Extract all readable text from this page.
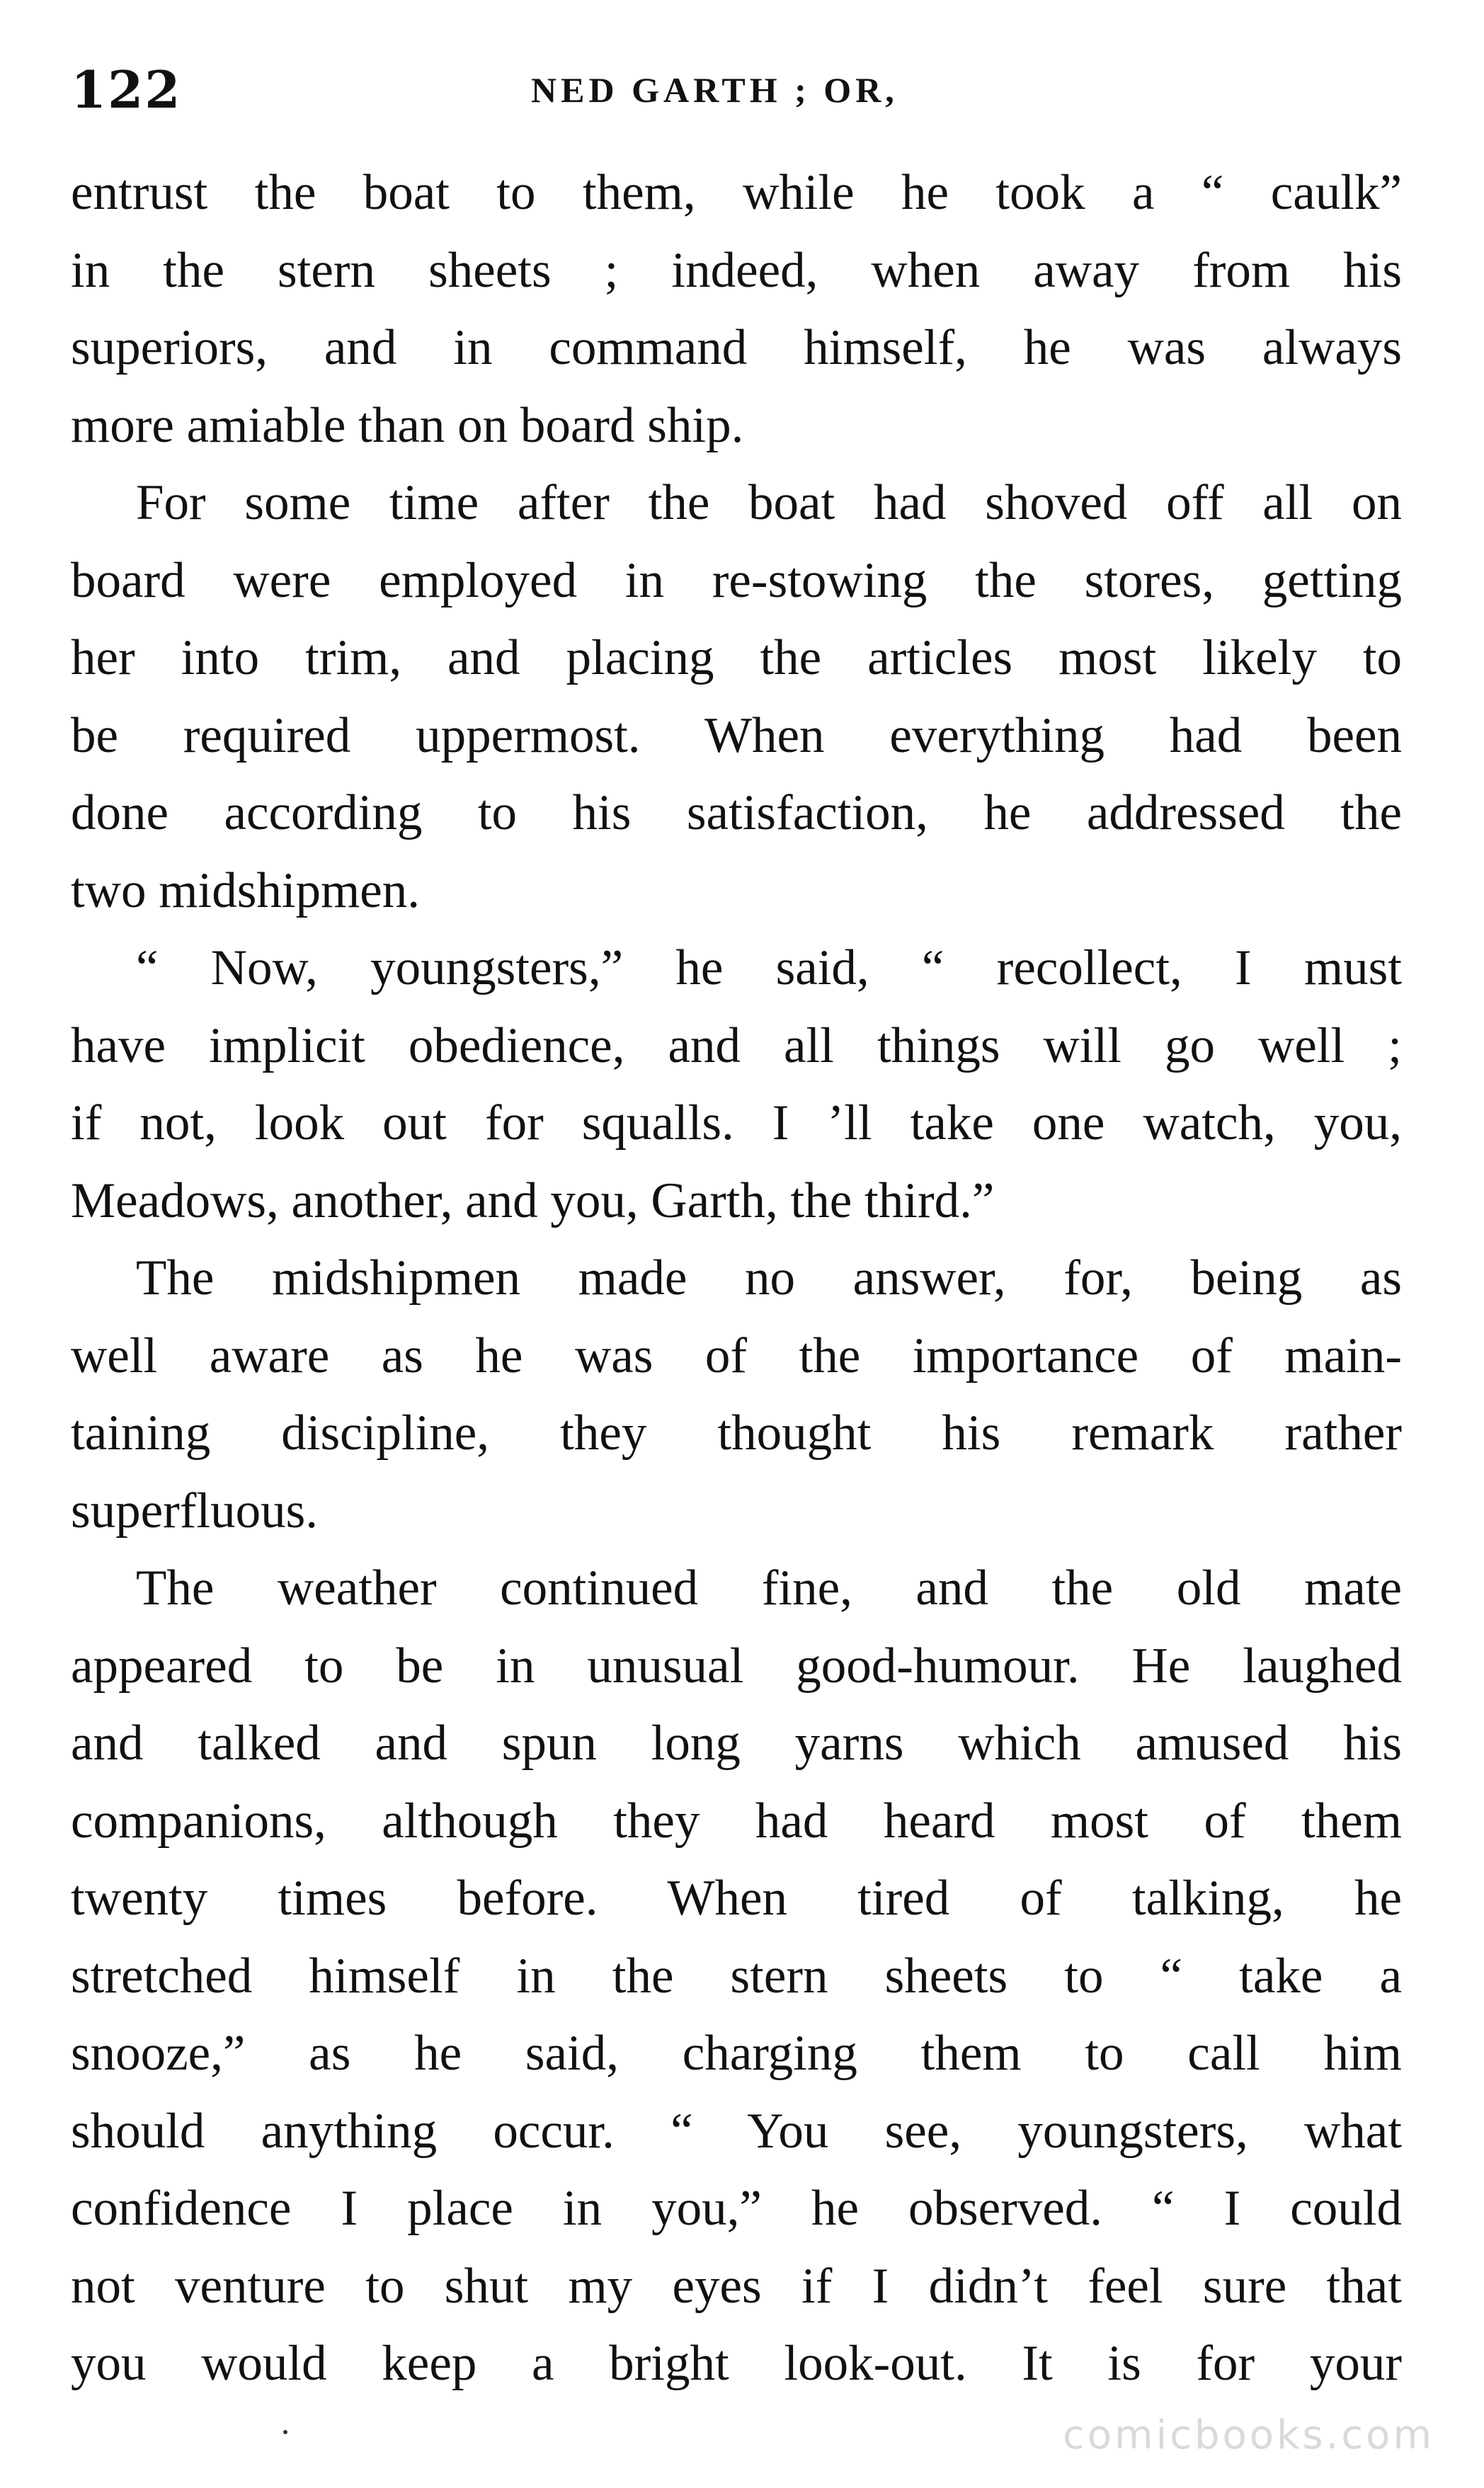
122	NED GARTH ; OR,
entrust the boat to them, while he took a “ caulk”
in the stern sheets ; indeed, when away from his
superiors, and in command himself, he was always
more amiable than on board ship.
For some time after the boat had shoved off all on
board were employed in re-stowing the stores, getting
her into trim, and placing the articles most likely to
be required uppermost. When everything had been
done according to his satisfaction, he addressed the
two midshipmen.
“ Now, youngsters,” he said, “ recollect, I must
have implicit obedience, and all things will go well ;
if not, look out for squalls. I ’ll take one watch, you,
Meadows, another, and you, Garth, the third.”
The midshipmen made no answer, for, being as
well aware as he was of the importance of main-
taining discipline, they thought his remark rather
superfluous.
The weather continued fine, and the old mate
appeared to be in unusual good-humour. He laughed
and talked and spun long yarns which amused his
companions, although they had heard most of them
twenty times before. When tired of talking, he
stretched himself in the stern sheets to “ take a
snooze,” as he said, charging them to call him
should anything occur. “ You see, youngsters, what
confidence I place in you,” he observed. “ I could
not venture to shut my eyes if I didn’t feel sure that
you would keep a bright look-out. It is for your
comicbooks.com
